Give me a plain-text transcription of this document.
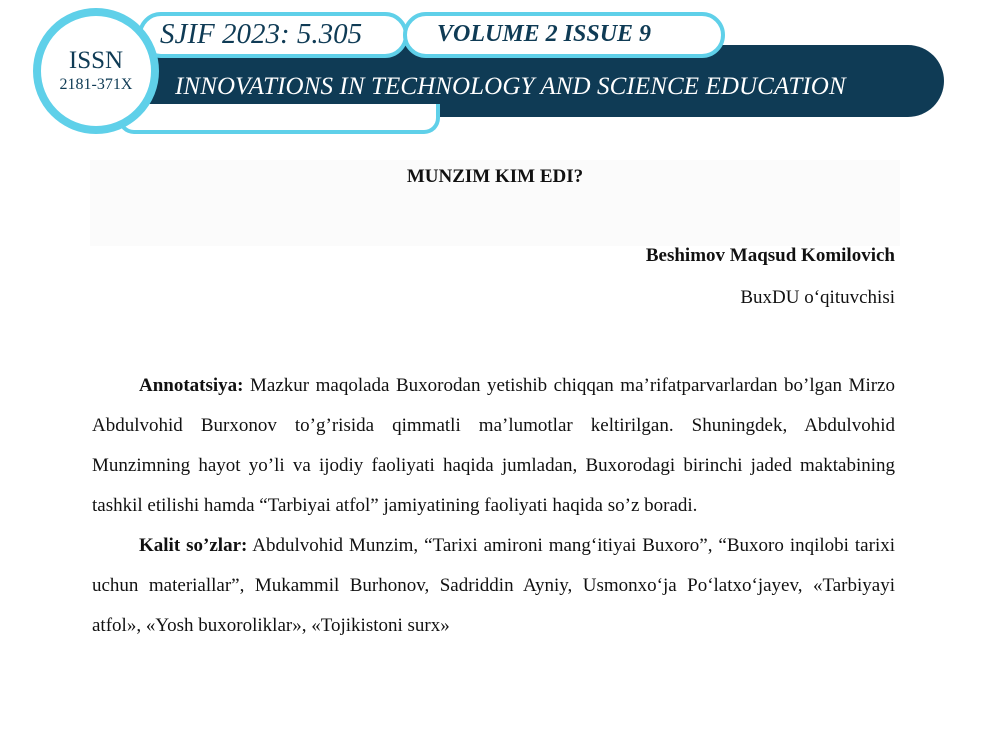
SJIF 2023: 5.305	VOLUME 2 ISSUE 9
INNOVATIONS IN TECHNOLOGY AND SCIENCE EDUCATION
ISSN
2181-371X
MUNZIM KIM EDI?
Beshimov Maqsud Komilovich
BuxDU o‘qituvchisi

Annotatsiya: Mazkur maqolada Buxorodan yetishib chiqqan ma’rifatparvarlardan bo’lgan Mirzo Abdulvohid Burxonov to’g’risida qimmatli ma’lumotlar keltirilgan. Shuningdek, Abdulvohid Munzimning hayot yo’li va ijodiy faoliyati haqida jumladan, Buxorodagi birinchi jaded maktabining tashkil etilishi hamda “Tarbiyai atfol” jamiyatining faoliyati haqida so’z boradi.

Kalit so’zlar: Abdulvohid Munzim, “Tarixi amironi mang‘itiyai Buxoro”, “Buxoro inqilobi tarixi uchun materiallar”, Mukammil Burhonov, Sadriddin Ayniy, Usmonxo‘ja Po‘latxo‘jayev, «Tarbiyayi atfol», «Yosh buxoroliklar», «Tojikistoni surx»
